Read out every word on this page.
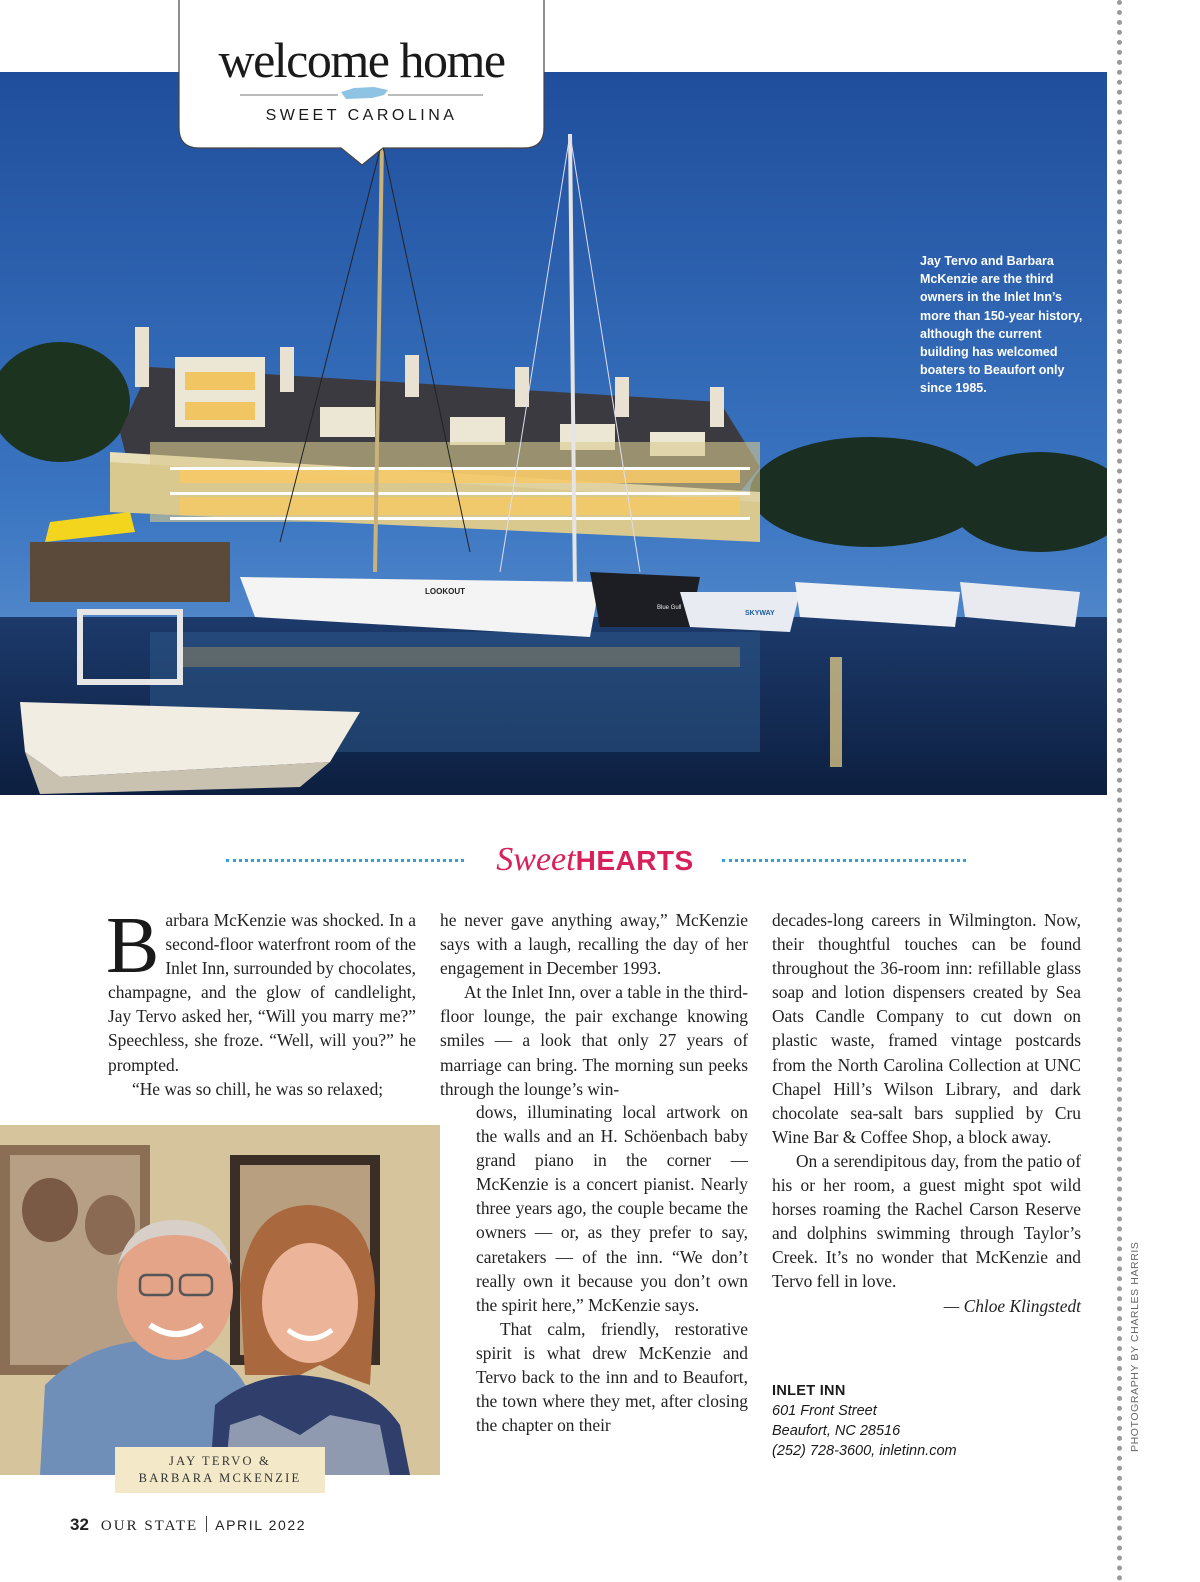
LOOKOUT
Blue Gull
SKYWAY
Jay Tervo and Barbara McKenzie are the third owners in the Inlet Inn’s more than 150-year history, although the current building has welcomed boaters to Beaufort only since 1985.
welcome home
SWEET CAROLINA
SweetHEARTS

Barbara McKenzie was shocked. In a second-floor waterfront room of the Inlet Inn, surrounded by chocolates, champagne, and the glow of candlelight, Jay Tervo asked her, “Will you marry me?” Speechless, she froze. “Well, will you?” he prompted.

“He was so chill, he was so relaxed;

he never gave anything away,” McKenzie says with a laugh, recalling the day of her engagement in December 1993.

At the Inlet Inn, over a table in the third-floor lounge, the pair exchange knowing smiles — a look that only 27 years of marriage can bring. The morning sun peeks through the lounge’s win-

dows, illuminating local artwork on the walls and an H. Schöenbach baby grand piano in the corner — McKenzie is a concert pianist. Nearly three years ago, the couple became the owners — or, as they prefer to say, caretakers — of the inn. “We don’t really own it because you don’t own the spirit here,” McKenzie says.

That calm, friendly, restorative spirit is what drew McKenzie and Tervo back to the inn and to Beaufort, the town where they met, after closing the chapter on their

decades-long careers in Wilmington. Now, their thoughtful touches can be found throughout the 36-room inn: refillable glass soap and lotion dispensers created by Sea Oats Candle Company to cut down on plastic waste, framed vintage postcards from the North Carolina Collection at UNC Chapel Hill’s Wilson Library, and dark chocolate sea-salt bars supplied by Cru Wine Bar & Coffee Shop, a block away.

On a serendipitous day, from the patio of his or her room, a guest might spot wild horses roaming the Rachel Carson Reserve and dolphins swimming through Taylor’s Creek. It’s no wonder that McKenzie and Tervo fell in love.

— Chloe Klingstedt

INLET INN
601 Front Street
Beaufort, NC 28516
(252) 728-3600, inletinn.com
JAY TERVO &
BARBARA MCKENZIE
32 OUR STATE APRIL 2022
PHOTOGRAPHY BY CHARLES HARRIS
